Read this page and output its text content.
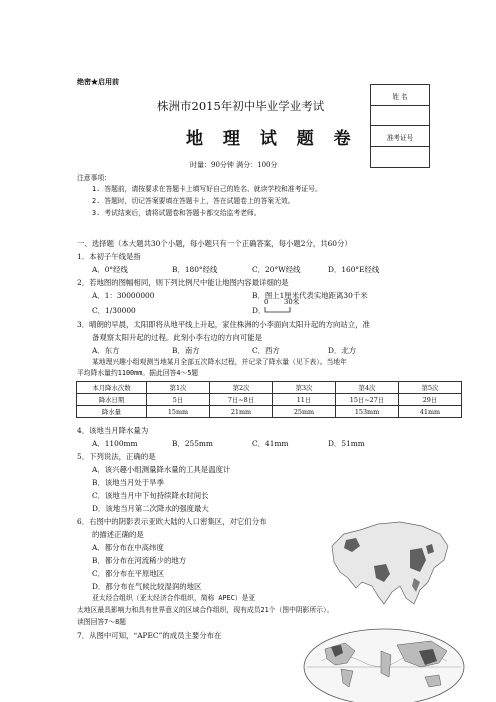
绝密★启用前
株洲市2015年初中毕业学业考试
地 理 试 题 卷
时量：90分钟 满分：100分
姓 名
准考证号
注意事项：
1. 答题前，请按要求在答题卡上填写好自己的姓名、就读学校和准考证号。
2. 答题时，切记答案要填在答题卡上，答在试题卷上的答案无效。
3. 考试结束后，请将试题卷和答题卡都交给监考老师。
一、选择题（本大题共30个小题，每小题只有一个正确答案，每小题2分，共60分）
1．本初子午线是指
A．0°经线	B．180°经线	C．20°W经线	D．160°E经线
2．若地图的图幅相同，则下列比例尺中能让地图内容最详细的是
A．1：30000000	B．图上1厘米代表实地距离30千米
C．1/30000	D．
0 30米
3．晴朗的早晨，太阳即将从地平线上升起，家住株洲的小李面向太阳升起的方向站立，准
备观察太阳升起的过程。此刻小李右边的方向可能是
A．东方	B．南方	C．西方	D．北方
某地理兴趣小组观测当地某月全部五次降水过程，并记录了降水量（见下表）。当地年
平均降水量约1100mm。据此回答4～5题
本月降水次数	第1次	第2次	第3次	第4次	第5次
降水日期	5日	7日~8日	11日	15日~27日	29日
降水量	15mm	21mm	25mm	153mm	41mm
4．该地当月降水量为
A．1100mm	B．255mm	C．41mm	D．51mm
5．下列说法，正确的是
A．该兴趣小组测量降水量的工具是温度计
B．该地当月处于旱季
C．该地当月中下旬持续降水时间长
D．该地当月第二次降水的强度最大
6．右图中的阴影表示亚欧大陆的人口密集区，对它们分布
的描述正确的是
A．都分布在中高纬度
B．都分布在河流稀少的地方
C．都分布在平原地区
D．都分布在气候比较湿润的地区
亚太经合组织（亚太经济合作组织，简称 APEC）是亚
太地区最具影响力和具有世界意义的区域合作组织，现有成员21个（图中阴影所示）。
读图回答7～8题
7．从图中可知，“APEC”的成员主要分布在
